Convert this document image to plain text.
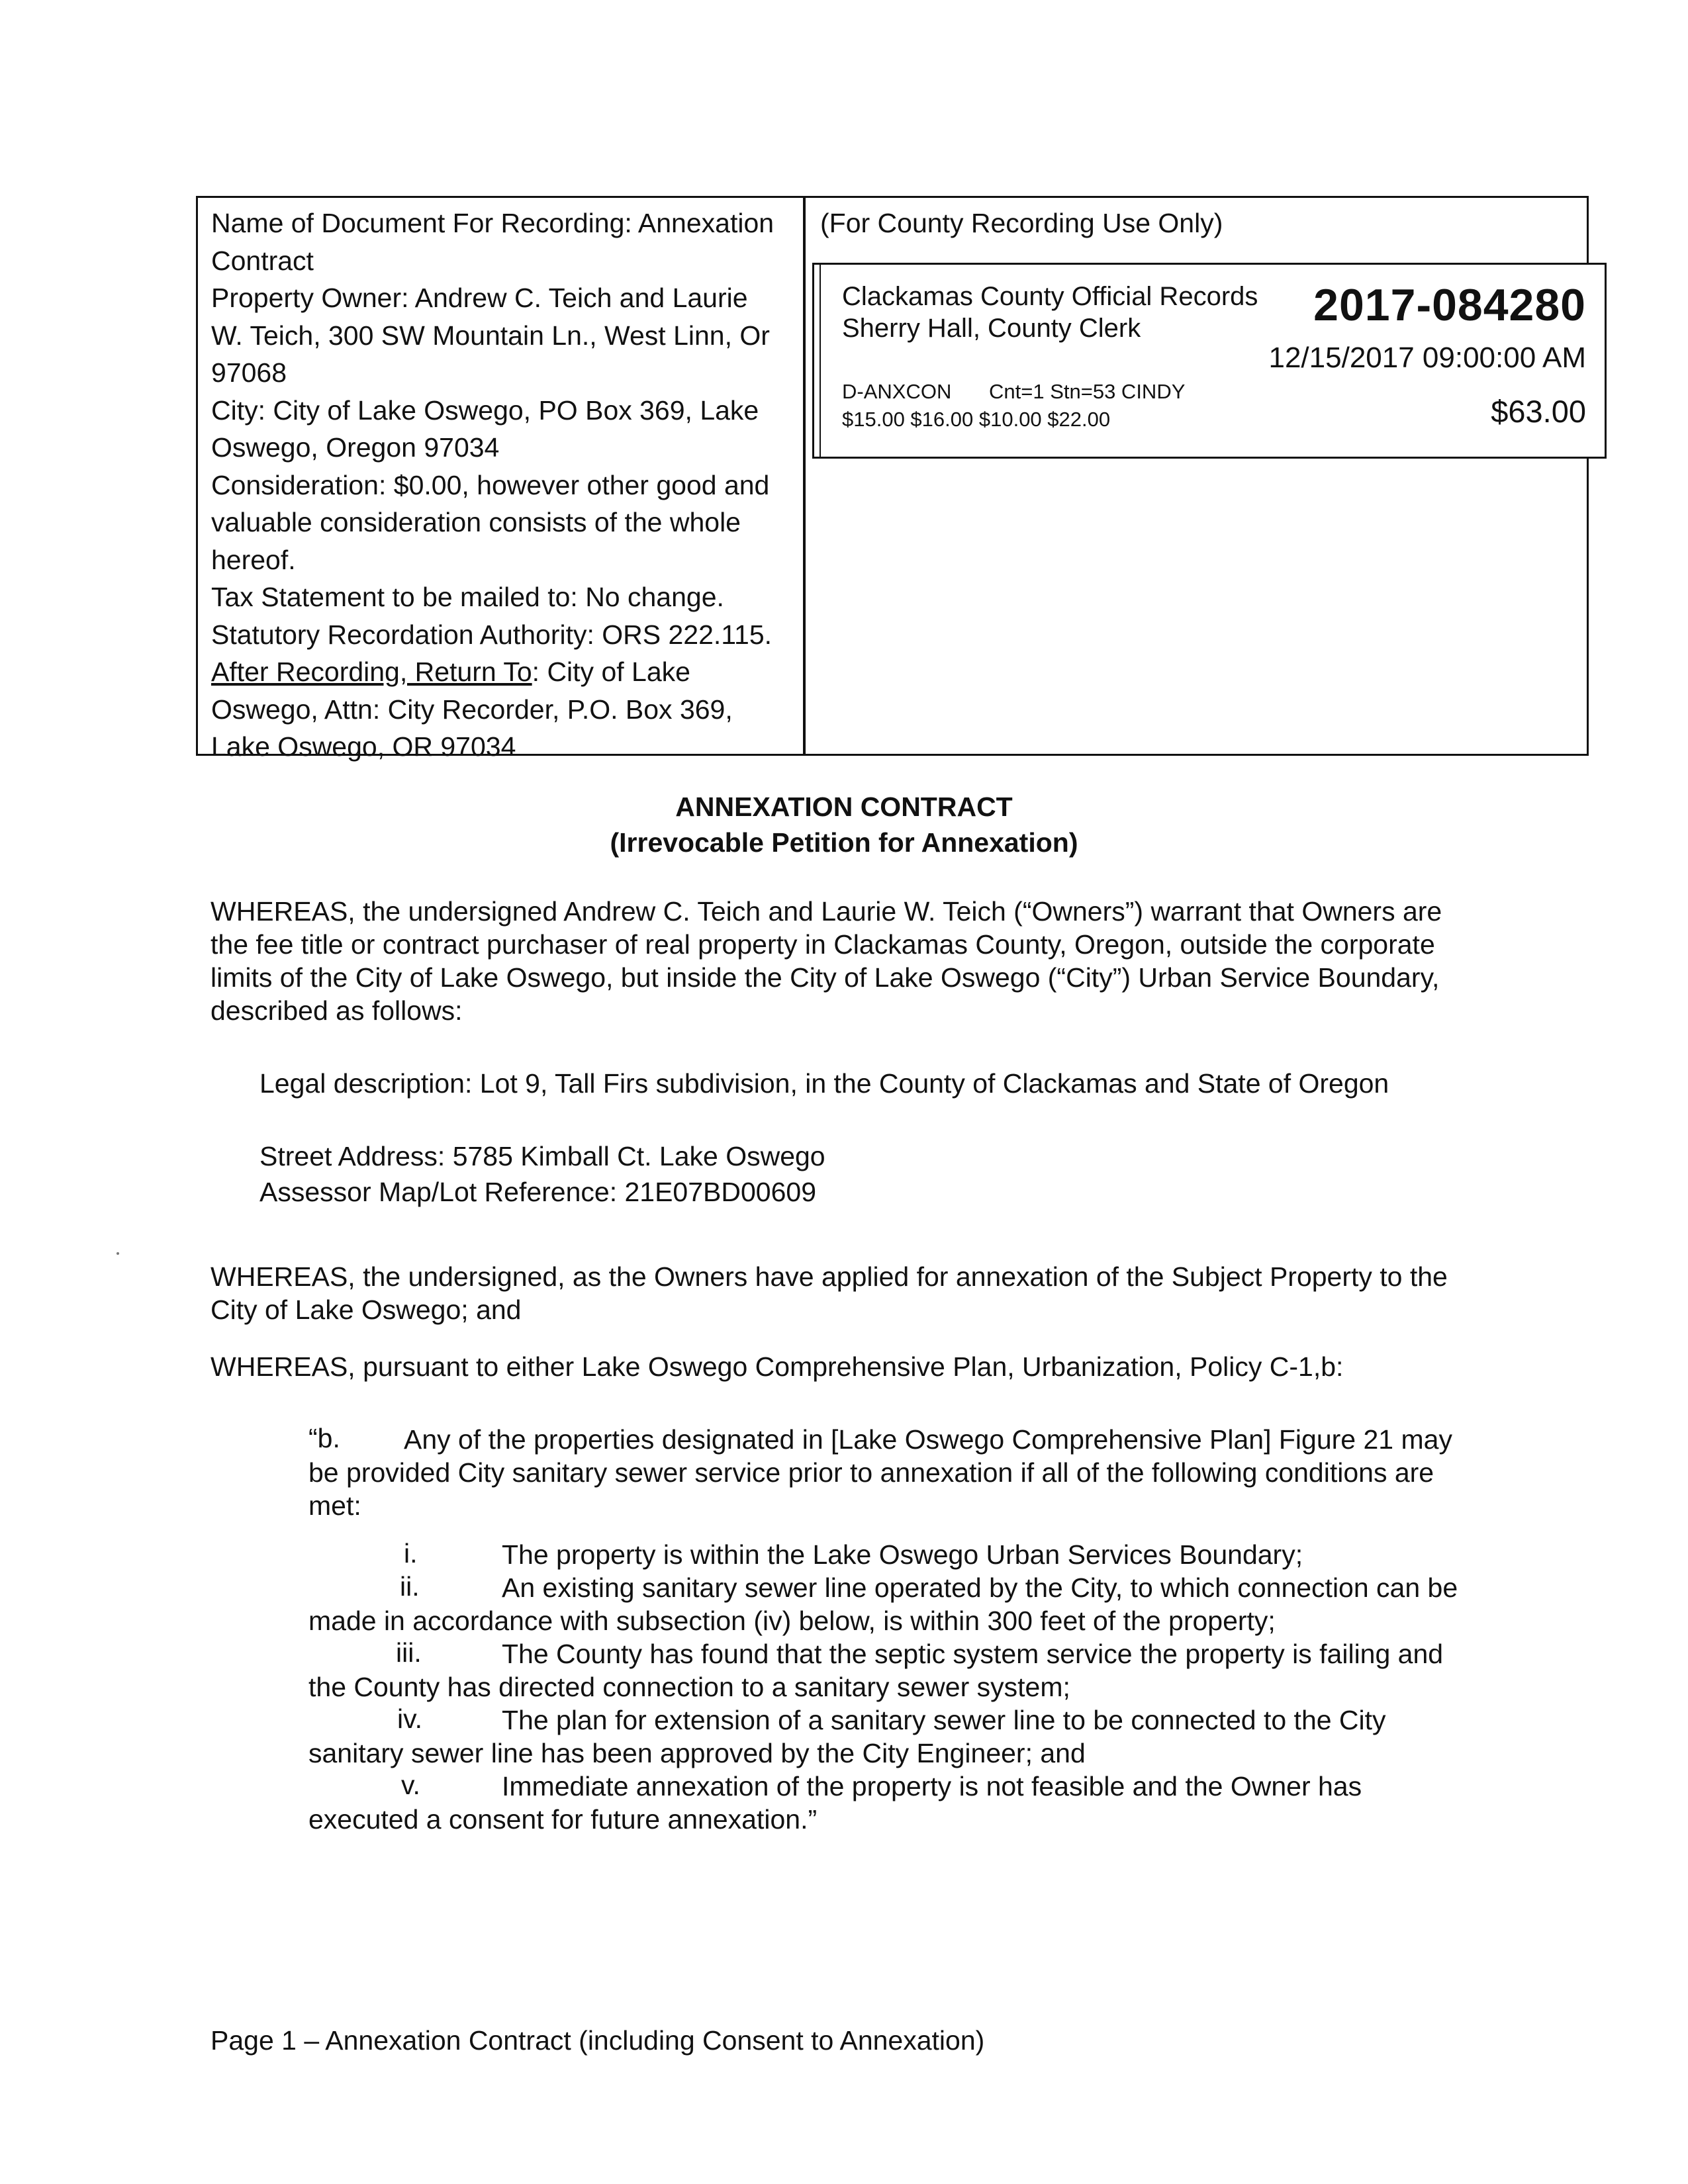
Name of Document For Recording: Annexation
Contract
Property Owner: Andrew C. Teich and Laurie
W. Teich, 300 SW Mountain Ln., West Linn, Or
97068
City: City of Lake Oswego, PO Box 369, Lake
Oswego, Oregon 97034
Consideration: $0.00, however other good and
valuable consideration consists of the whole
hereof.
Tax Statement to be mailed to: No change.
Statutory Recordation Authority: ORS 222.115.
After Recording, Return To: City of Lake
Oswego, Attn: City Recorder, P.O. Box 369,
Lake Oswego, OR 97034
(For County Recording Use Only)
Clackamas County Official Records
Sherry Hall, County Clerk	2017-084280
12/15/2017 09:00:00 AM
D-ANXCON Cnt=1 Stn=53 CINDY
$15.00 $16.00 $10.00 $22.00	$63.00
ANNEXATION CONTRACT
(Irrevocable Petition for Annexation)
WHEREAS, the undersigned Andrew C. Teich and Laurie W. Teich (“Owners”) warrant that Owners are
the fee title or contract purchaser of real property in Clackamas County, Oregon, outside the corporate
limits of the City of Lake Oswego, but inside the City of Lake Oswego (“City”) Urban Service Boundary,
described as follows:
Legal description: Lot 9, Tall Firs subdivision, in the County of Clackamas and State of Oregon
Street Address: 5785 Kimball Ct. Lake Oswego
Assessor Map/Lot Reference: 21E07BD00609
WHEREAS, the undersigned, as the Owners have applied for annexation of the Subject Property to the
City of Lake Oswego; and
WHEREAS, pursuant to either Lake Oswego Comprehensive Plan, Urbanization, Policy C-1,b:
“b. Any of the properties designated in [Lake Oswego Comprehensive Plan] Figure 21 may
be provided City sanitary sewer service prior to annexation if all of the following conditions are
met:
i.	The property is within the Lake Oswego Urban Services Boundary;
ii.	An existing sanitary sewer line operated by the City, to which connection can be
made in accordance with subsection (iv) below, is within 300 feet of the property;
iii.	The County has found that the septic system service the property is failing and
the County has directed connection to a sanitary sewer system;
iv.	The plan for extension of a sanitary sewer line to be connected to the City
sanitary sewer line has been approved by the City Engineer; and
v.	Immediate annexation of the property is not feasible and the Owner has
executed a consent for future annexation.”
Page 1 – Annexation Contract (including Consent to Annexation)
